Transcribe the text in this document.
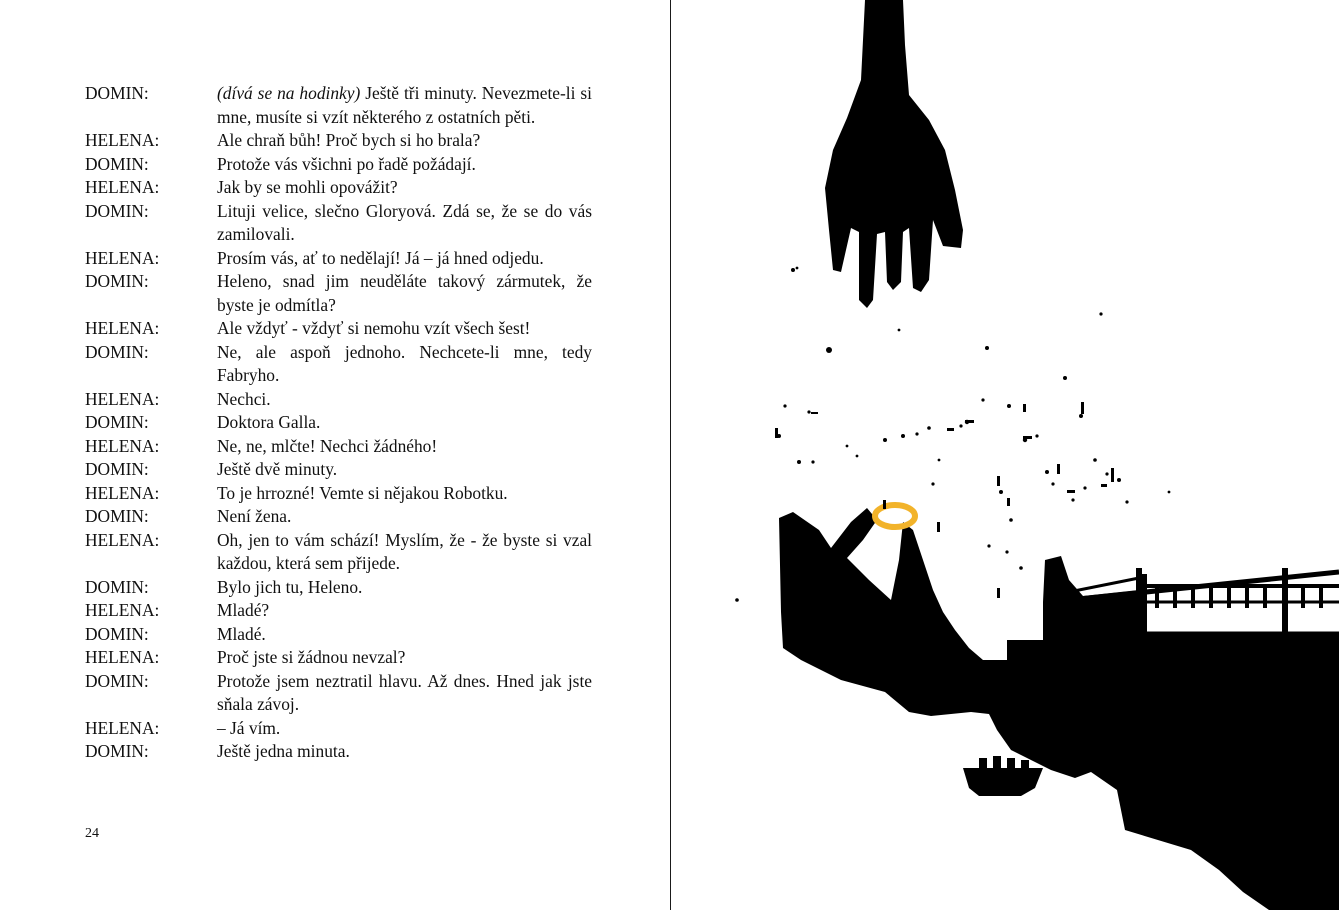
DOMIN:	(dívá se na hodinky) Ještě tři minuty. Nevezmete-li si mne, musíte si vzít některého z ostatních pěti.
HELENA:	Ale chraň bůh! Proč bych si ho brala?
DOMIN:	Protože vás všichni po řadě požádají.
HELENA:	Jak by se mohli opovážit?
DOMIN:	Lituji velice, slečno Gloryová. Zdá se, že se do vás zamilovali.
HELENA:	Prosím vás, ať to nedělají! Já – já hned odjedu.
DOMIN:	Heleno, snad jim neuděláte takový zármutek, že byste je odmítla?
HELENA:	Ale vždyť - vždyť si nemohu vzít všech šest!
DOMIN:	Ne, ale aspoň jednoho. Nechcete-li mne, tedy Fabryho.
HELENA:	Nechci.
DOMIN:	Doktora Galla.
HELENA:	Ne, ne, mlčte! Nechci žádného!
DOMIN:	Ještě dvě minuty.
HELENA:	To je hrrozné! Vemte si nějakou Robotku.
DOMIN:	Není žena.
HELENA:	Oh, jen to vám schází! Myslím, že - že byste si vzal každou, která sem přijede.
DOMIN:	Bylo jich tu, Heleno.
HELENA:	Mladé?
DOMIN:	Mladé.
HELENA:	Proč jste si žádnou nevzal?
DOMIN:	Protože jsem neztratil hlavu. Až dnes. Hned jak jste sňala závoj.
HELENA:	– Já vím.
DOMIN:	Ještě jedna minuta.
24
